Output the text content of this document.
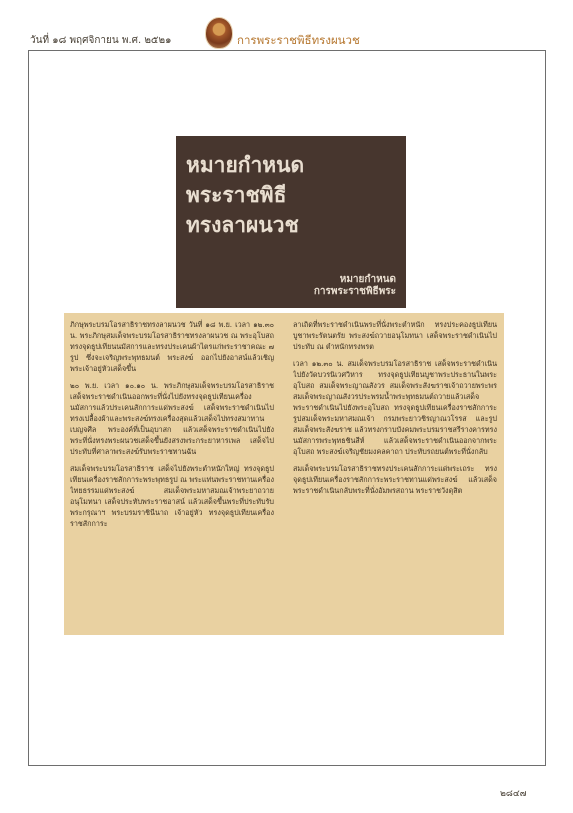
วันที่ ๑๘ พฤศจิกายน พ.ศ. ๒๕๒๑	การพระราชพิธีทรงผนวช
หมายกำหนด
พระราชพิธี
ทรงลาผนวช
หมายกำหนด
การพระราชพิธีพระ

ภิกษุพระบรมโอรสาธิราชทรงลาผนวช วันที่ ๑๘ พ.ย. เวลา ๑๒.๓๐ น. พระภิกษุสมเด็จพระบรมโอรสาธิราชทรงลาผนวช ณ พระอุโบสถ ทรงจุดธูปเทียนนมัสการและทรงประเคนผ้าไตรแก่พระราชาคณะ ๗ รูป ซึ่งจะเจริญพระพุทธมนต์ พระสงฆ์ ออกไปยังอาสน์แล้วเชิญพระเจ้าอยู่หัวเสด็จขึ้น

๒๐ พ.ย. เวลา ๑๐.๑๐ น. พระภิกษุสมเด็จพระบรมโอรสาธิราช เสด็จพระราชดำเนินออกพระที่นั่งไปยังทรงจุดธูปเทียนเครื่องนมัสการแล้วประเคนสักการะแด่พระสงฆ์ เสด็จพระราชดำเนินไปทรงเปลื้องผ้าและพระสงฆ์ทรงเครื่องสุดแล้วเสด็จไปทรงสมาทานเบญจศีล พระองค์ที่เป็นอุบาสก แล้วเสด็จพระราชดำเนินไปยังพระที่นั่งทรงพระผนวชเสด็จขึ้นยังสรงพระกระยาหารเพล เสด็จไปประทับที่ศาลาพระสงฆ์รับพระราชทานฉัน

สมเด็จพระบรมโอรสาธิราช เสด็จไปยังพระตำหนักใหญ่ ทรงจุดธูปเทียนเครื่องราชสักการะพระพุทธรูป ณ พระแท่นพระราชทานเครื่องไทยธรรมแด่พระสงฆ์ สมเด็จพระมหาสมณเจ้าพระยาถวายอนุโมทนา เสด็จประทับพระราชอาสน์ แล้วเสด็จขึ้นพระที่ประทับรับพระกรุณาฯ พระบรมราชินีนาถ เจ้าอยู่หัว ทรงจุดธูปเทียนเครื่องราชสักการะ

ลาเถิดที่พระราชดำเนินพระที่นั่งพระตำหนัก ทรงประคองธูปเทียนบูชาพระรัตนตรัย พระสงฆ์ถวายอนุโมทนา เสด็จพระราชดำเนินไปประทับ ณ ตำหนักทรงพรต

เวลา ๑๒.๓๐ น. สมเด็จพระบรมโอรสาธิราช เสด็จพระราชดำเนินไปยังวัดบวรนิเวศวิหาร ทรงจุดธูปเทียนบูชาพระประธานในพระอุโบสถ สมเด็จพระญาณสังวร สมเด็จพระสังฆราชเจ้าถวายพระพร สมเด็จพระญาณสังวรประพรมน้ำพระพุทธมนต์ถวายแล้วเสด็จพระราชดำเนินไปยังพระอุโบสถ ทรงจุดธูปเทียนเครื่องราชสักการะรูปสมเด็จพระมหาสมณเจ้า กรมพระยาวชิรญาณวโรรส และรูปสมเด็จพระสังฆราช แล้วทรงกราบบังคมพระบรมราชสรีรางคารทรงนมัสการพระพุทธชินสีห์ แล้วเสด็จพระราชดำเนินออกจากพระอุโบสถ พระสงฆ์เจริญชัยมงคลคาถา ประทับรถยนต์พระที่นั่งกลับ

สมเด็จพระบรมโอรสาธิราชทรงประเคนสักการะแด่พระเถระ ทรงจุดธูปเทียนเครื่องราชสักการะพระราชทานแด่พระสงฆ์ แล้วเสด็จพระราชดำเนินกลับพระที่นั่งอัมพรสถาน พระราชวังดุสิต

๒๘๔๗
